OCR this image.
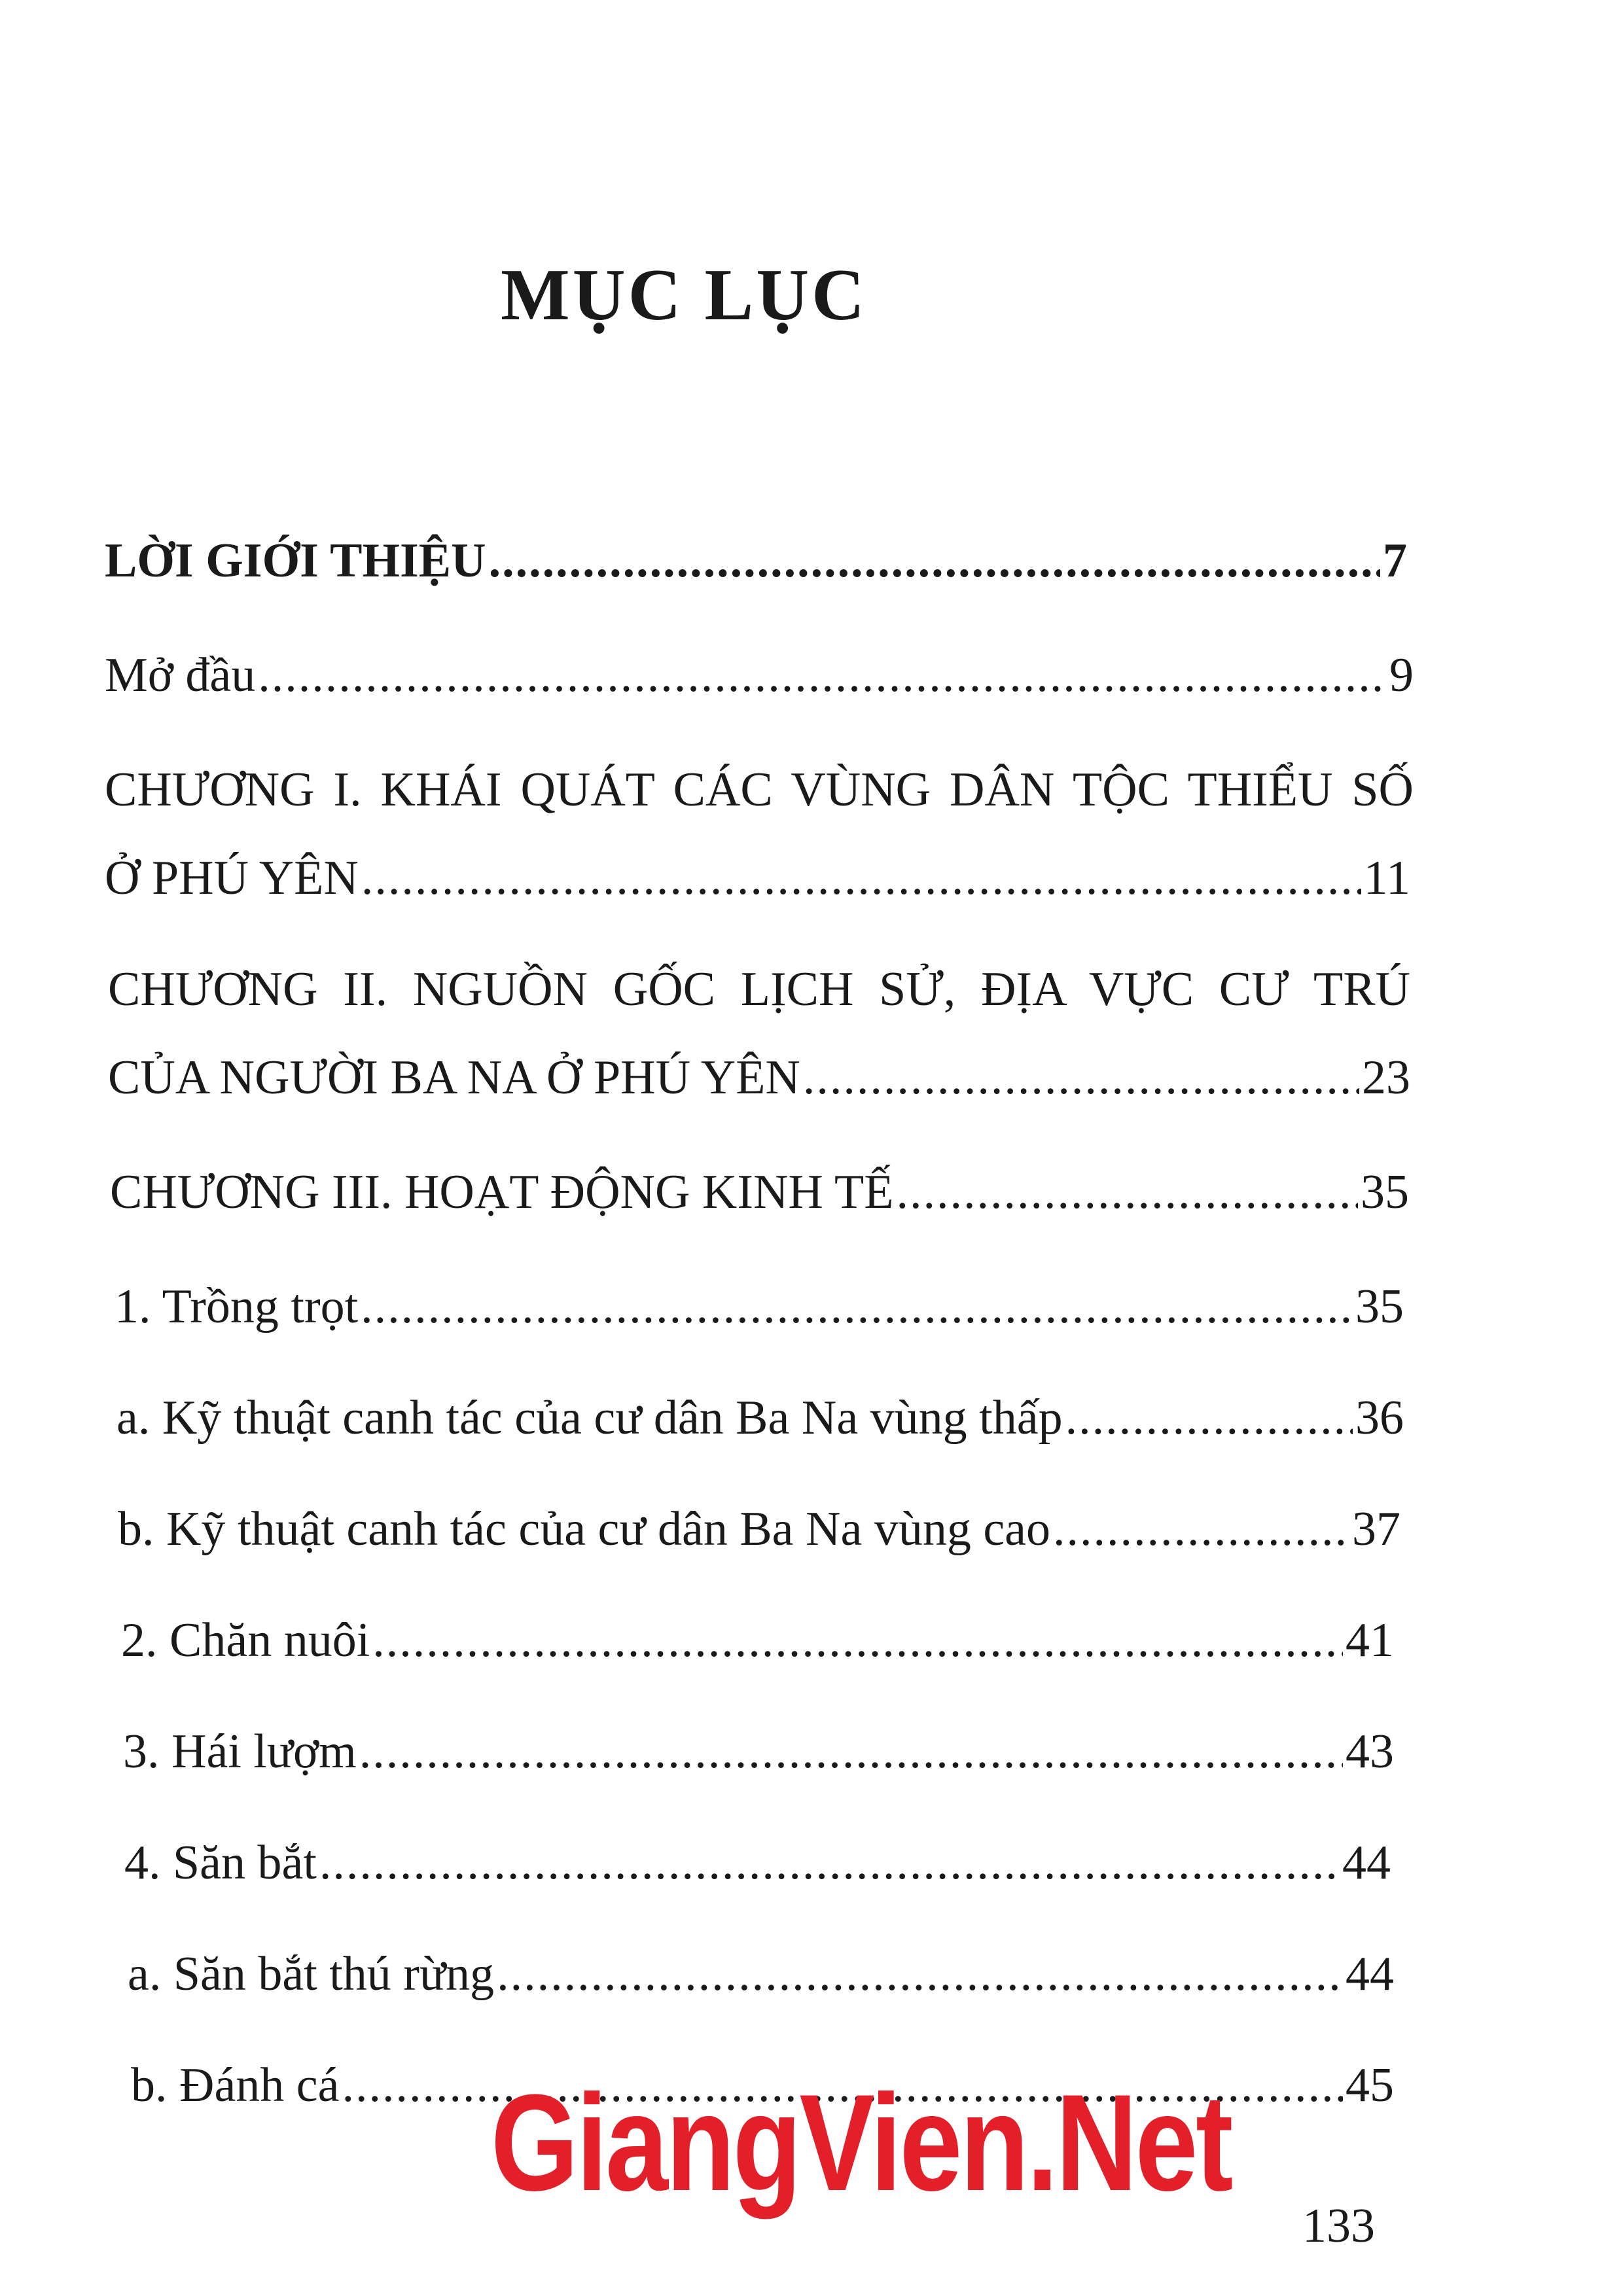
MỤC LỤC
LỜI GIỚI THIỆU .....	7
Mở đầu .....	9
CHƯƠNG I. KHÁI QUÁT CÁC VÙNG DÂN TỘC THIỂU SỐ
Ở PHÚ YÊN .....	11
CHƯƠNG II. NGUỒN GỐC LỊCH SỬ, ĐỊA VỰC CƯ TRÚ
CỦA NGƯỜI BA NA Ở PHÚ YÊN .....	23
CHƯƠNG III. HOẠT ĐỘNG KINH TẾ .....	35
1. Trồng trọt .....	35
a. Kỹ thuật canh tác của cư dân Ba Na vùng thấp .....	36
b. Kỹ thuật canh tác của cư dân Ba Na vùng cao .....	37
2. Chăn nuôi .....	41
3. Hái lượm .....	43
4. Săn bắt .....	44
a. Săn bắt thú rừng .....	44
b. Đánh cá .....	45
GiangVien.Net
133
